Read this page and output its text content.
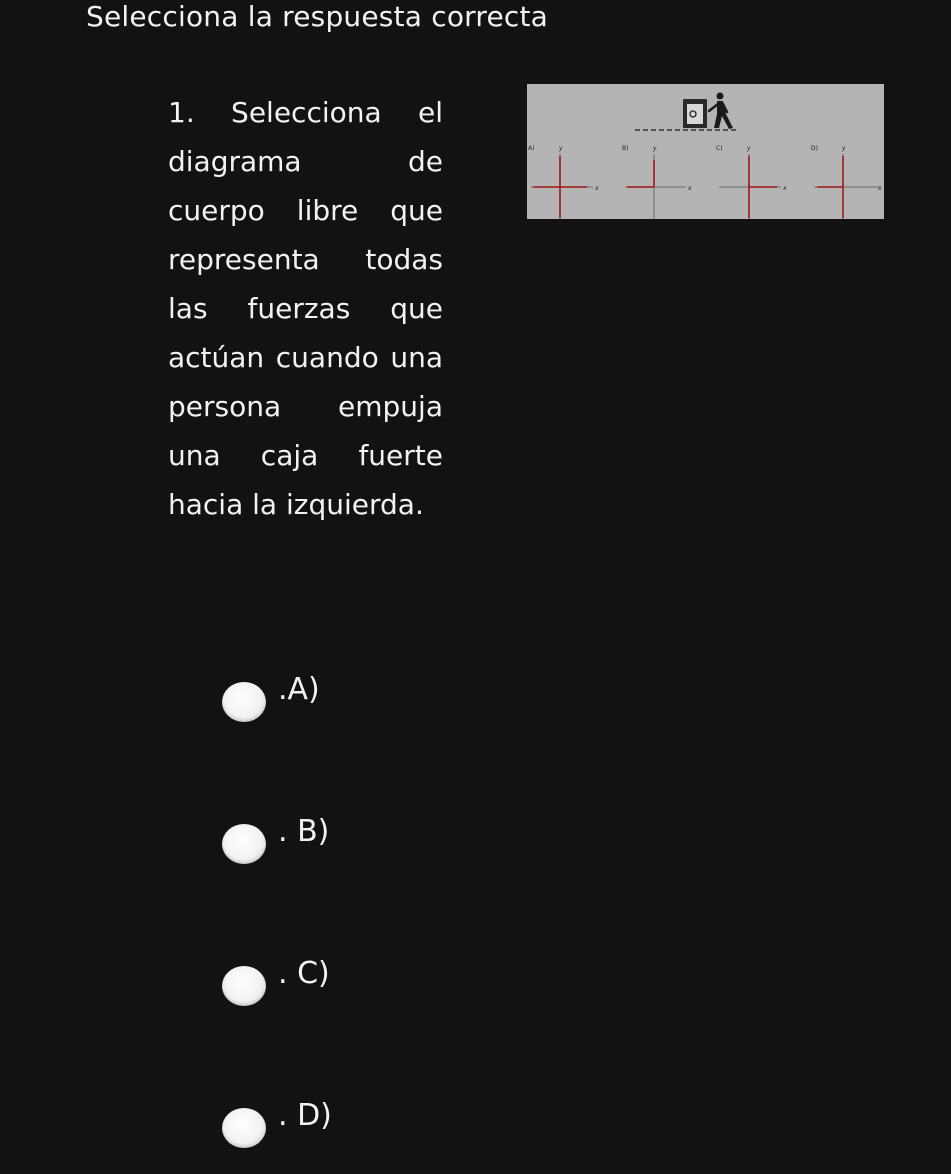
Selecciona la respuesta correcta
1. Selecciona el diagrama de cuerpo libre que representa todas las fuerzas que actúan cuando una persona empuja una caja fuerte hacia la izquierda.
A)	y
x
B)	y
x
C)	y
x
D)	y
x
.A)
. B)
. C)
. D)
